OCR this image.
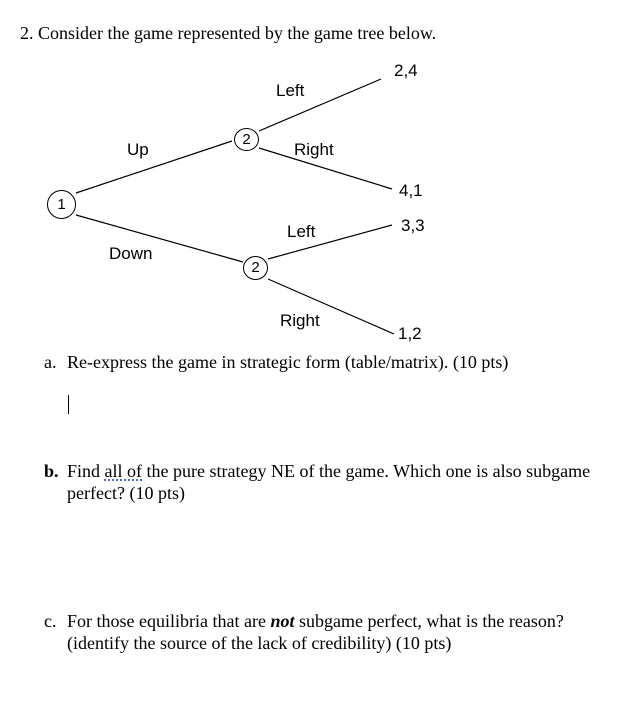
2. Consider the game represented by the game tree below.
1
2
2
Up
Down
Left
Right
Left
Right
2,4
4,1
3,3
1,2
a. Re-express the game in strategic form (table/matrix). (10 pts)
b. Find all of the pure strategy NE of the game. Which one is also subgame perfect? (10 pts)
c. For those equilibria that are not subgame perfect, what is the reason? (identify the source of the lack of credibility) (10 pts)
